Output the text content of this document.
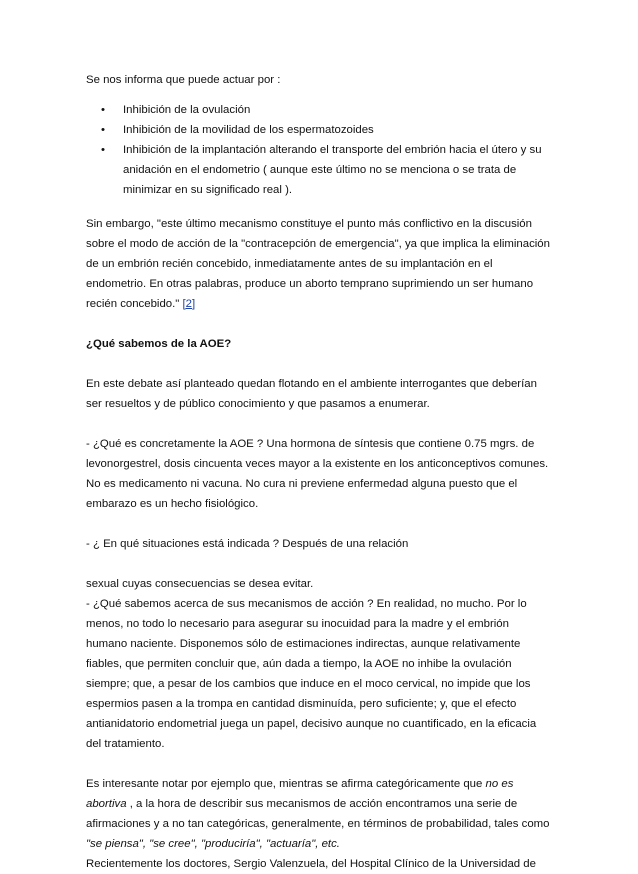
Se nos informa que puede actuar por :

• Inhibición de la ovulación
• Inhibición de la movilidad de los espermatozoides
• Inhibición de la implantación alterando el transporte del embrión hacia el útero y su anidación en el endometrio ( aunque este último no se menciona o se trata de minimizar en su significado real ).

Sin embargo, "este último mecanismo constituye el punto más conflictivo en la discusión sobre el modo de acción de la "contracepción de emergencia", ya que implica la eliminación de un embrión recién concebido, inmediatamente antes de su implantación en el endometrio. En otras palabras, produce un aborto temprano suprimiendo un ser humano recién concebido." [2]

¿Qué sabemos de la AOE?

En este debate así planteado quedan flotando en el ambiente interrogantes que deberían ser resueltos y de público conocimiento y que pasamos a enumerar.

- ¿Qué es concretamente la AOE ? Una hormona de síntesis que contiene 0.75 mgrs. de levonorgestrel, dosis cincuenta veces mayor a la existente en los anticonceptivos comunes.
No es medicamento ni vacuna. No cura ni previene enfermedad alguna puesto que el embarazo es un hecho fisiológico.

- ¿ En qué situaciones está indicada ? Después de una relación

sexual cuyas consecuencias se desea evitar.
- ¿Qué sabemos acerca de sus mecanismos de acción ? En realidad, no mucho. Por lo menos, no todo lo necesario para asegurar su inocuidad para la madre y el embrión humano naciente. Disponemos sólo de estimaciones indirectas, aunque relativamente fiables, que permiten concluir que, aún dada a tiempo, la AOE no inhibe la ovulación siempre; que, a pesar de los cambios que induce en el moco cervical, no impide que los espermios pasen a la trompa en cantidad disminuída, pero suficiente; y, que el efecto antianidatorio endometrial juega un papel, decisivo aunque no cuantificado, en la eficacia del tratamiento.

Es interesante notar por ejemplo que, mientras se afirma categóricamente que no es abortiva , a la hora de describir sus mecanismos de acción encontramos una serie de afirmaciones y a no tan categóricas, generalmente, en términos de probabilidad, tales como "se piensa", "se cree", "produciría", "actuaría", etc.
Recientemente los doctores, Sergio Valenzuela, del Hospital Clínico de la Universidad de
